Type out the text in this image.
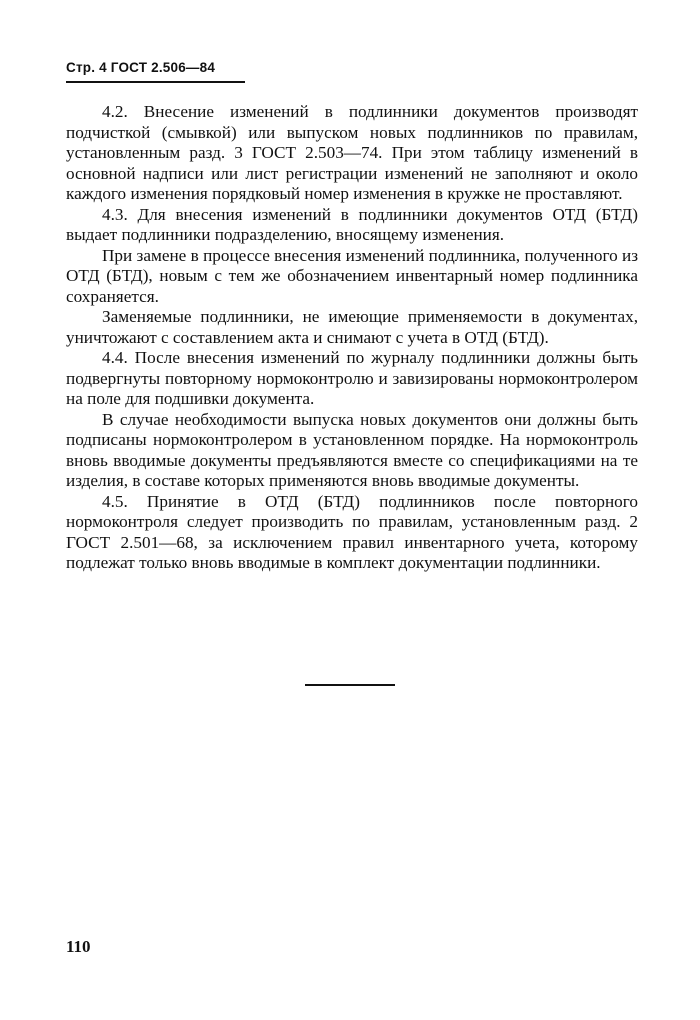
Стр. 4 ГОСТ 2.506—84

4.2. Внесение изменений в подлинники документов производят подчисткой (смывкой) или выпуском новых подлинников по правилам, установленным разд. 3 ГОСТ 2.503—74. При этом таблицу изменений в основной надписи или лист регистрации изменений не заполняют и около каждого изменения порядковый номер изменения в кружке не проставляют.

4.3. Для внесения изменений в подлинники документов ОТД (БТД) выдает подлинники подразделению, вносящему изменения.

При замене в процессе внесения изменений подлинника, полученного из ОТД (БТД), новым с тем же обозначением инвентарный номер подлинника сохраняется.

Заменяемые подлинники, не имеющие применяемости в документах, уничтожают с составлением акта и снимают с учета в ОТД (БТД).

4.4. После внесения изменений по журналу подлинники должны быть подвергнуты повторному нормоконтролю и завизированы нормоконтролером на поле для подшивки документа.

В случае необходимости выпуска новых документов они должны быть подписаны нормоконтролером в установленном порядке. На нормоконтроль вновь вводимые документы предъявляются вместе со спецификациями на те изделия, в составе которых применяются вновь вводимые документы.

4.5. Принятие в ОТД (БТД) подлинников после повторного нормоконтроля следует производить по правилам, установленным разд. 2 ГОСТ 2.501—68, за исключением правил инвентарного учета, которому подлежат только вновь вводимые в комплект документации подлинники.

110
